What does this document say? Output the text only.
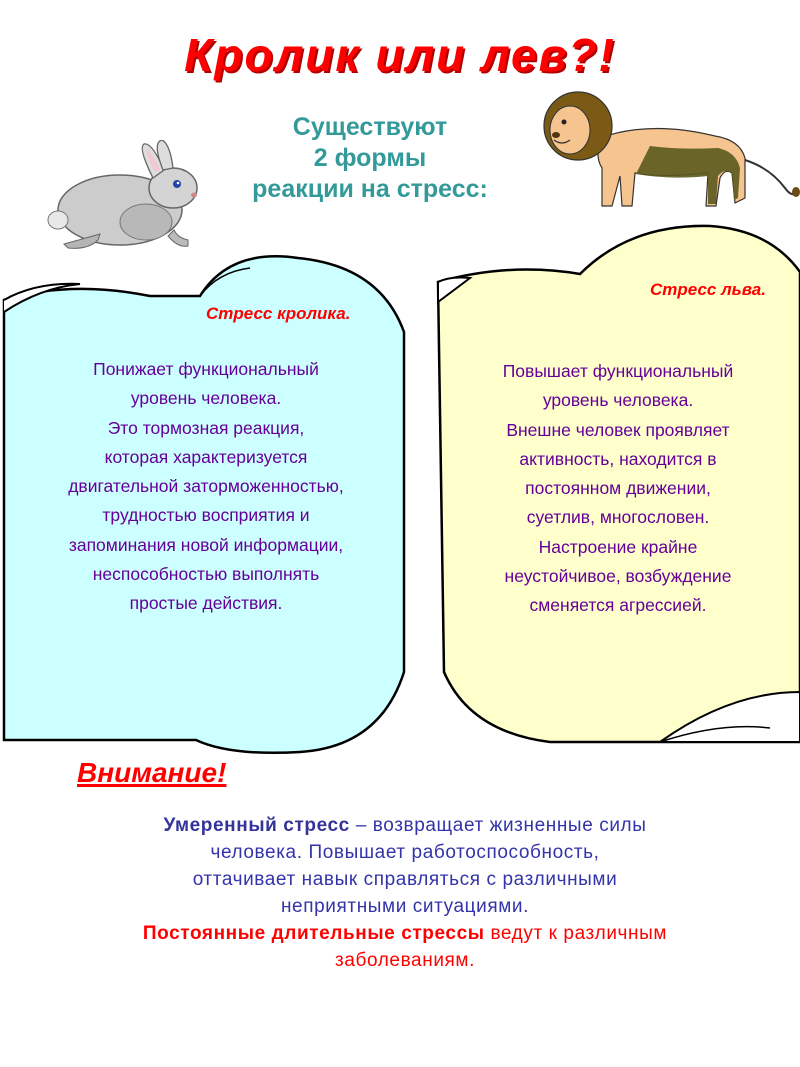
Кролик или лев?!
Существуют
2 формы
реакции на стресс:
Стресс кролика.
Понижает функциональный
уровень человека.
Это тормозная реакция,
которая характеризуется
двигательной заторможенностью,
трудностью восприятия и
запоминания новой информации,
неспособностью выполнять
простые действия.
Стресс льва.
Повышает функциональный
уровень человека.
Внешне человек проявляет
активность, находится в
постоянном движении,
суетлив, многословен.
Настроение крайне
неустойчивое, возбуждение
сменяется агрессией.
Внимание!
Умеренный стресс – возвращает жизненные силы
человека. Повышает работоспособность,
оттачивает навык справляться с различными
неприятными ситуациями.
Постоянные длительные стрессы ведут к различным
заболеваниям.
